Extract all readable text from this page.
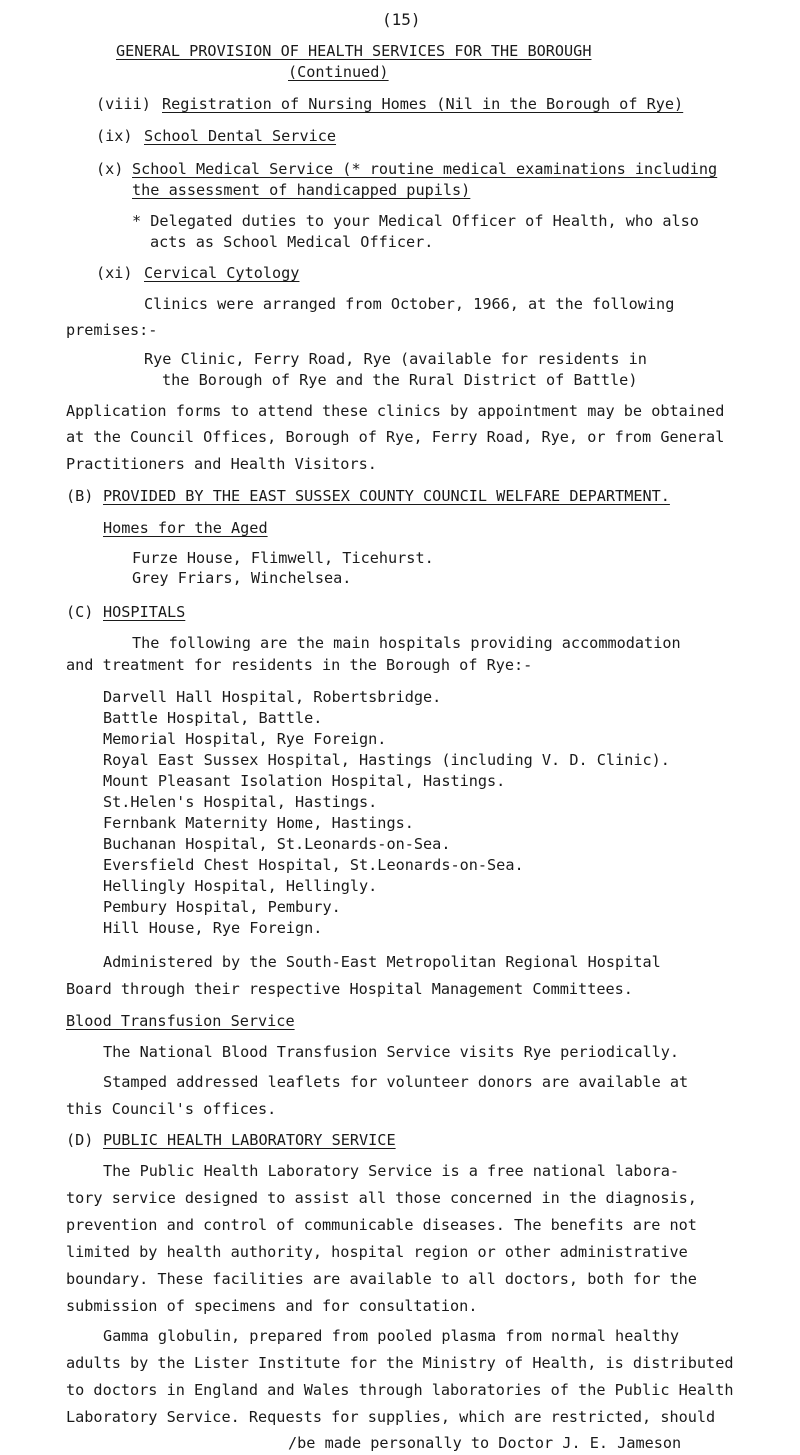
(15)
GENERAL PROVISION OF HEALTH SERVICES FOR THE BOROUGH
(Continued)
(viii) Registration of Nursing Homes (Nil in the Borough of Rye)
(ix) School Dental Service
(x) School Medical Service (* routine medical examinations including
the assessment of handicapped pupils)
* Delegated duties to your Medical Officer of Health, who also
acts as School Medical Officer.
(xi) Cervical Cytology
Clinics were arranged from October, 1966, at the following
premises:-
Rye Clinic, Ferry Road, Rye (available for residents in
the Borough of Rye and the Rural District of Battle)
Application forms to attend these clinics by appointment may be obtained
at the Council Offices, Borough of Rye, Ferry Road, Rye, or from General
Practitioners and Health Visitors.
(B) PROVIDED BY THE EAST SUSSEX COUNTY COUNCIL WELFARE DEPARTMENT.
Homes for the Aged
Furze House, Flimwell, Ticehurst.
Grey Friars, Winchelsea.
(C) HOSPITALS
The following are the main hospitals providing accommodation
and treatment for residents in the Borough of Rye:-
Darvell Hall Hospital, Robertsbridge.
Battle Hospital, Battle.
Memorial Hospital, Rye Foreign.
Royal East Sussex Hospital, Hastings (including V. D. Clinic).
Mount Pleasant Isolation Hospital, Hastings.
St.Helen's Hospital, Hastings.
Fernbank Maternity Home, Hastings.
Buchanan Hospital, St.Leonards-on-Sea.
Eversfield Chest Hospital, St.Leonards-on-Sea.
Hellingly Hospital, Hellingly.
Pembury Hospital, Pembury.
Hill House, Rye Foreign.
Administered by the South-East Metropolitan Regional Hospital
Board through their respective Hospital Management Committees.
Blood Transfusion Service
The National Blood Transfusion Service visits Rye periodically.
Stamped addressed leaflets for volunteer donors are available at
this Council's offices.
(D) PUBLIC HEALTH LABORATORY SERVICE
The Public Health Laboratory Service is a free national labora-
tory service designed to assist all those concerned in the diagnosis,
prevention and control of communicable diseases. The benefits are not
limited by health authority, hospital region or other administrative
boundary. These facilities are available to all doctors, both for the
submission of specimens and for consultation.
Gamma globulin, prepared from pooled plasma from normal healthy
adults by the Lister Institute for the Ministry of Health, is distributed
to doctors in England and Wales through laboratories of the Public Health
Laboratory Service. Requests for supplies, which are restricted, should
/be made personally to Doctor J. E. Jameson
